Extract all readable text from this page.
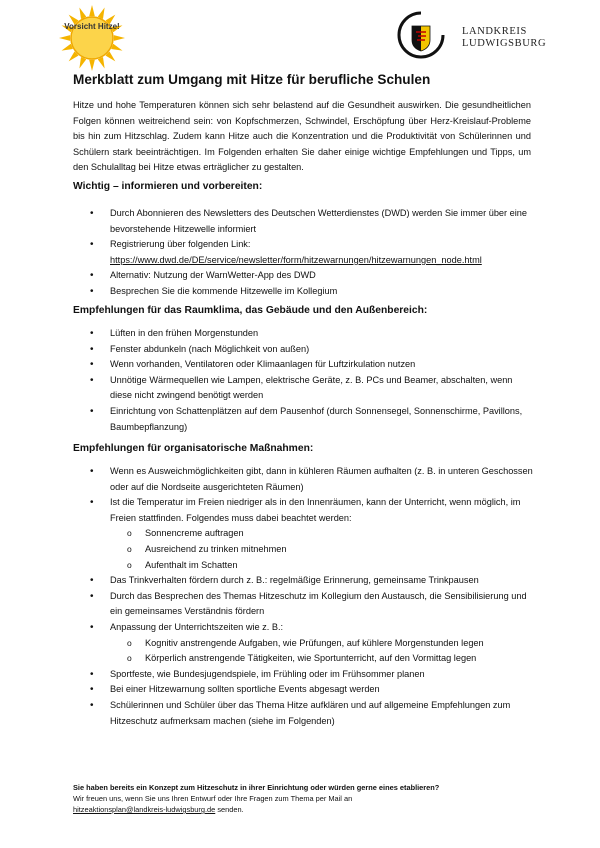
Vorsicht Hitze!	LANDKREIS
LUDWIGSBURG
Merkblatt zum Umgang mit Hitze für berufliche Schulen

Hitze und hohe Temperaturen können sich sehr belastend auf die Gesundheit auswirken. Die gesundheitlichen Folgen können weitreichend sein: von Kopfschmerzen, Schwindel, Erschöpfung über Herz-Kreislauf-Probleme bis hin zum Hitzschlag. Zudem kann Hitze auch die Konzentration und die Produktivität von Schülerinnen und Schülern stark beeinträchtigen. Im Folgenden erhalten Sie daher einige wichtige Empfehlungen und Tipps, um den Schulalltag bei Hitze etwas erträglicher zu gestalten.

Wichtig – informieren und vorbereiten:
• Durch Abonnieren des Newsletters des Deutschen Wetterdienstes (DWD) werden Sie immer über eine bevorstehende Hitzewelle informiert
• Registrierung über folgenden Link:
https://www.dwd.de/DE/service/newsletter/form/hitzewarnungen/hitzewarnungen_node.html
• Alternativ: Nutzung der WarnWetter-App des DWD
• Besprechen Sie die kommende Hitzewelle im Kollegium
Empfehlungen für das Raumklima, das Gebäude und den Außenbereich:
• Lüften in den frühen Morgenstunden
• Fenster abdunkeln (nach Möglichkeit von außen)
• Wenn vorhanden, Ventilatoren oder Klimaanlagen für Luftzirkulation nutzen
• Unnötige Wärmequellen wie Lampen, elektrische Geräte, z. B. PCs und Beamer, abschalten, wenn diese nicht zwingend benötigt werden
• Einrichtung von Schattenplätzen auf dem Pausenhof (durch Sonnensegel, Sonnenschirme, Pavillons, Baumbepflanzung)
Empfehlungen für organisatorische Maßnahmen:
• Wenn es Ausweichmöglichkeiten gibt, dann in kühleren Räumen aufhalten (z. B. in unteren Geschossen oder auf die Nordseite ausgerichteten Räumen)
• Ist die Temperatur im Freien niedriger als in den Innenräumen, kann der Unterricht, wenn möglich, im Freien stattfinden. Folgendes muss dabei beachtet werden:
o Sonnencreme auftragen
o Ausreichend zu trinken mitnehmen
o Aufenthalt im Schatten
• Das Trinkverhalten fördern durch z. B.: regelmäßige Erinnerung, gemeinsame Trinkpausen
• Durch das Besprechen des Themas Hitzeschutz im Kollegium den Austausch, die Sensibilisierung und ein gemeinsames Verständnis fördern
• Anpassung der Unterrichtszeiten wie z. B.:
o Kognitiv anstrengende Aufgaben, wie Prüfungen, auf kühlere Morgenstunden legen
o Körperlich anstrengende Tätigkeiten, wie Sportunterricht, auf den Vormittag legen
• Sportfeste, wie Bundesjugendspiele, im Frühling oder im Frühsommer planen
• Bei einer Hitzewarnung sollten sportliche Events abgesagt werden
• Schülerinnen und Schüler über das Thema Hitze aufklären und auf allgemeine Empfehlungen zum Hitzeschutz aufmerksam machen (siehe im Folgenden)
Sie haben bereits ein Konzept zum Hitzeschutz in ihrer Einrichtung oder würden gerne eines etablieren?
Wir freuen uns, wenn Sie uns Ihren Entwurf oder Ihre Fragen zum Thema per Mail an
hitzeaktionsplan@landkreis-ludwigsburg.de senden.
